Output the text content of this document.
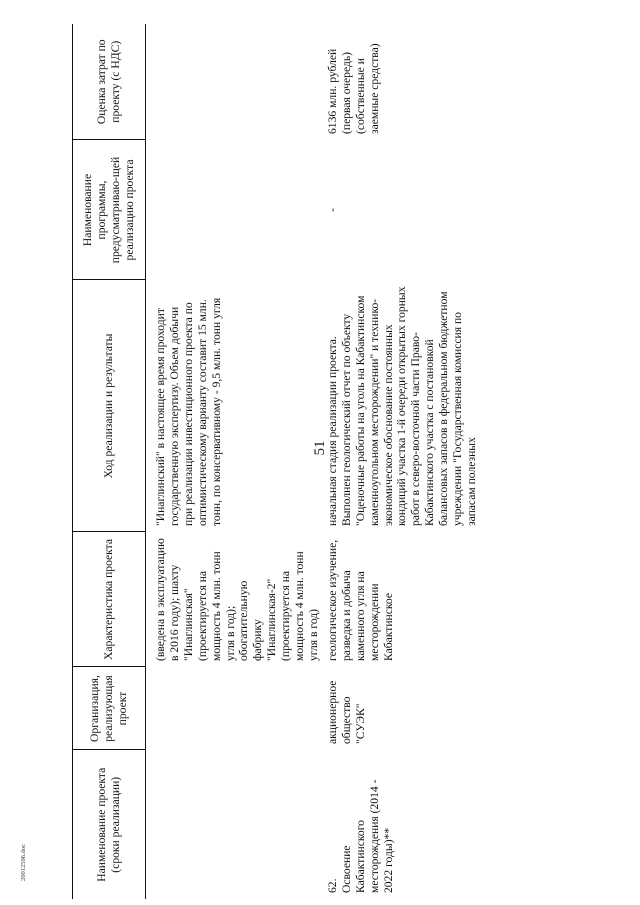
51
20012596.doc	Наименование проекта (сроки реализации)	Организация, реализующая проект	Характеристика проекта	Ход реализации и результаты	Наименование программы, предусматриваю-щей реализацию проекта	Оценка затрат по проекту (с НДС)
		(введена в эксплуатацию в 2016 году); шахту "Инаглинская" (проектируется на мощность 4 млн. тонн угля в год); обогатительную фабрику "Инаглинская-2" (проектируется на мощность 4 млн. тонн угля в год)	"Инаглинский" в настоящее время проходит государственную экспертизу. Объем добычи при реализации инвестиционного проекта по оптимистическому варианту составит 15 млн. тонн, по консервативному - 9,5 млн. тонн угля		
62.Освоение Кабактинского месторождения (2014 - 2022 годы)**	акционерное общество "СУЭК"	геологическое изучение, разведка и добыча каменного угля на месторождении Кабактинское	начальная стадия реализации проекта. Выполнен геологический отчет по объекту "Оценочные работы на уголь на Кабактинском каменноугольном месторождении" и технико-экономическое обоснование постоянных кондиций участка 1-й очереди открытых горных работ в северо-восточной части Право-Кабактинского участка с постановкой балансовых запасов в федеральном бюджетном учреждении "Государственная комиссия по запасам полезных	-	6136 млн. рублей (первая очередь) (собственные и заемные средства)
